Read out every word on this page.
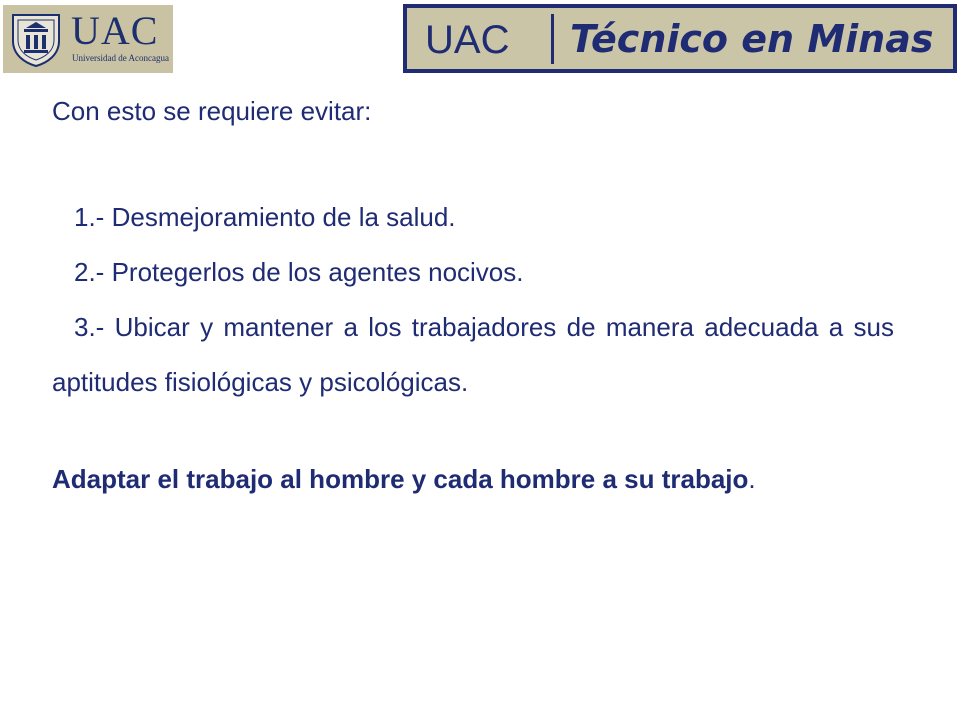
UAC
Universidad de Aconcagua	UAC Técnico en Minas

Con esto se requiere evitar:

1.- Desmejoramiento de la salud.

2.- Protegerlos de los agentes nocivos.

3.- Ubicar y mantener a los trabajadores de manera adecuada a sus aptitudes fisiológicas y psicológicas.

Adaptar el trabajo al hombre y cada hombre a su trabajo.
